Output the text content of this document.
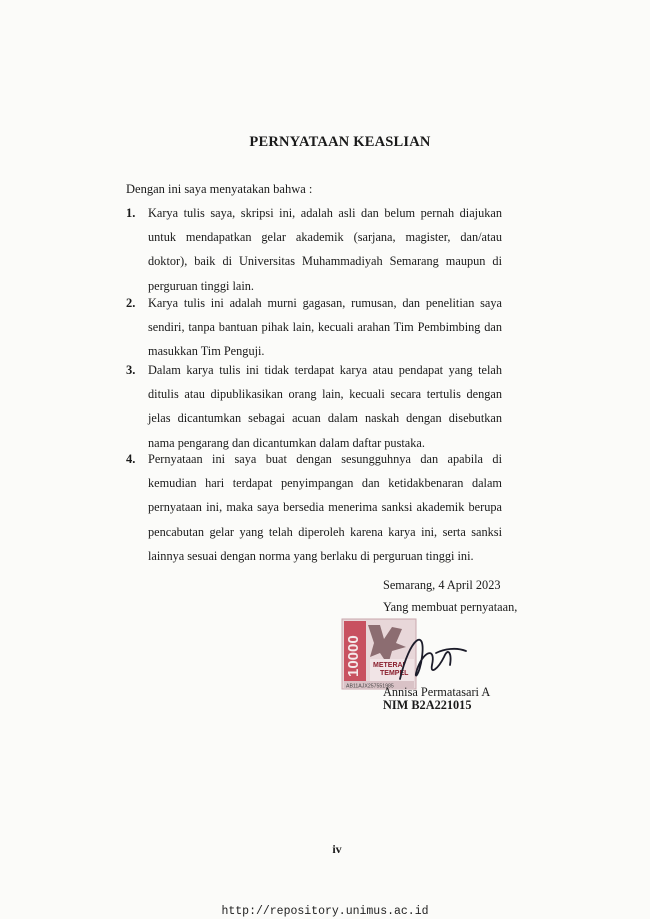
PERNYATAAN KEASLIAN
Dengan ini saya menyatakan bahwa :
1. Karya tulis saya, skripsi ini, adalah asli dan belum pernah diajukan untuk mendapatkan gelar akademik (sarjana, magister, dan/atau doktor), baik di Universitas Muhammadiyah Semarang maupun di perguruan tinggi lain.
2. Karya tulis ini adalah murni gagasan, rumusan, dan penelitian saya sendiri, tanpa bantuan pihak lain, kecuali arahan Tim Pembimbing dan masukkan Tim Penguji.
3. Dalam karya tulis ini tidak terdapat karya atau pendapat yang telah ditulis atau dipublikasikan orang lain, kecuali secara tertulis dengan jelas dicantumkan sebagai acuan dalam naskah dengan disebutkan nama pengarang dan dicantumkan dalam daftar pustaka.
4. Pernyataan ini saya buat dengan sesungguhnya dan apabila di kemudian hari terdapat penyimpangan dan ketidakbenaran dalam pernyataan ini, maka saya bersedia menerima sanksi akademik berupa pencabutan gelar yang telah diperoleh karena karya ini, serta sanksi lainnya sesuai dengan norma yang berlaku di perguruan tinggi ini.
Semarang, 4 April 2023
Yang membuat pernyataan,
10000 METERAI
TEMPEL
AB11AJX257551985
Annisa Permatasari A
NIM B2A221015
iv
http://repository.unimus.ac.id
